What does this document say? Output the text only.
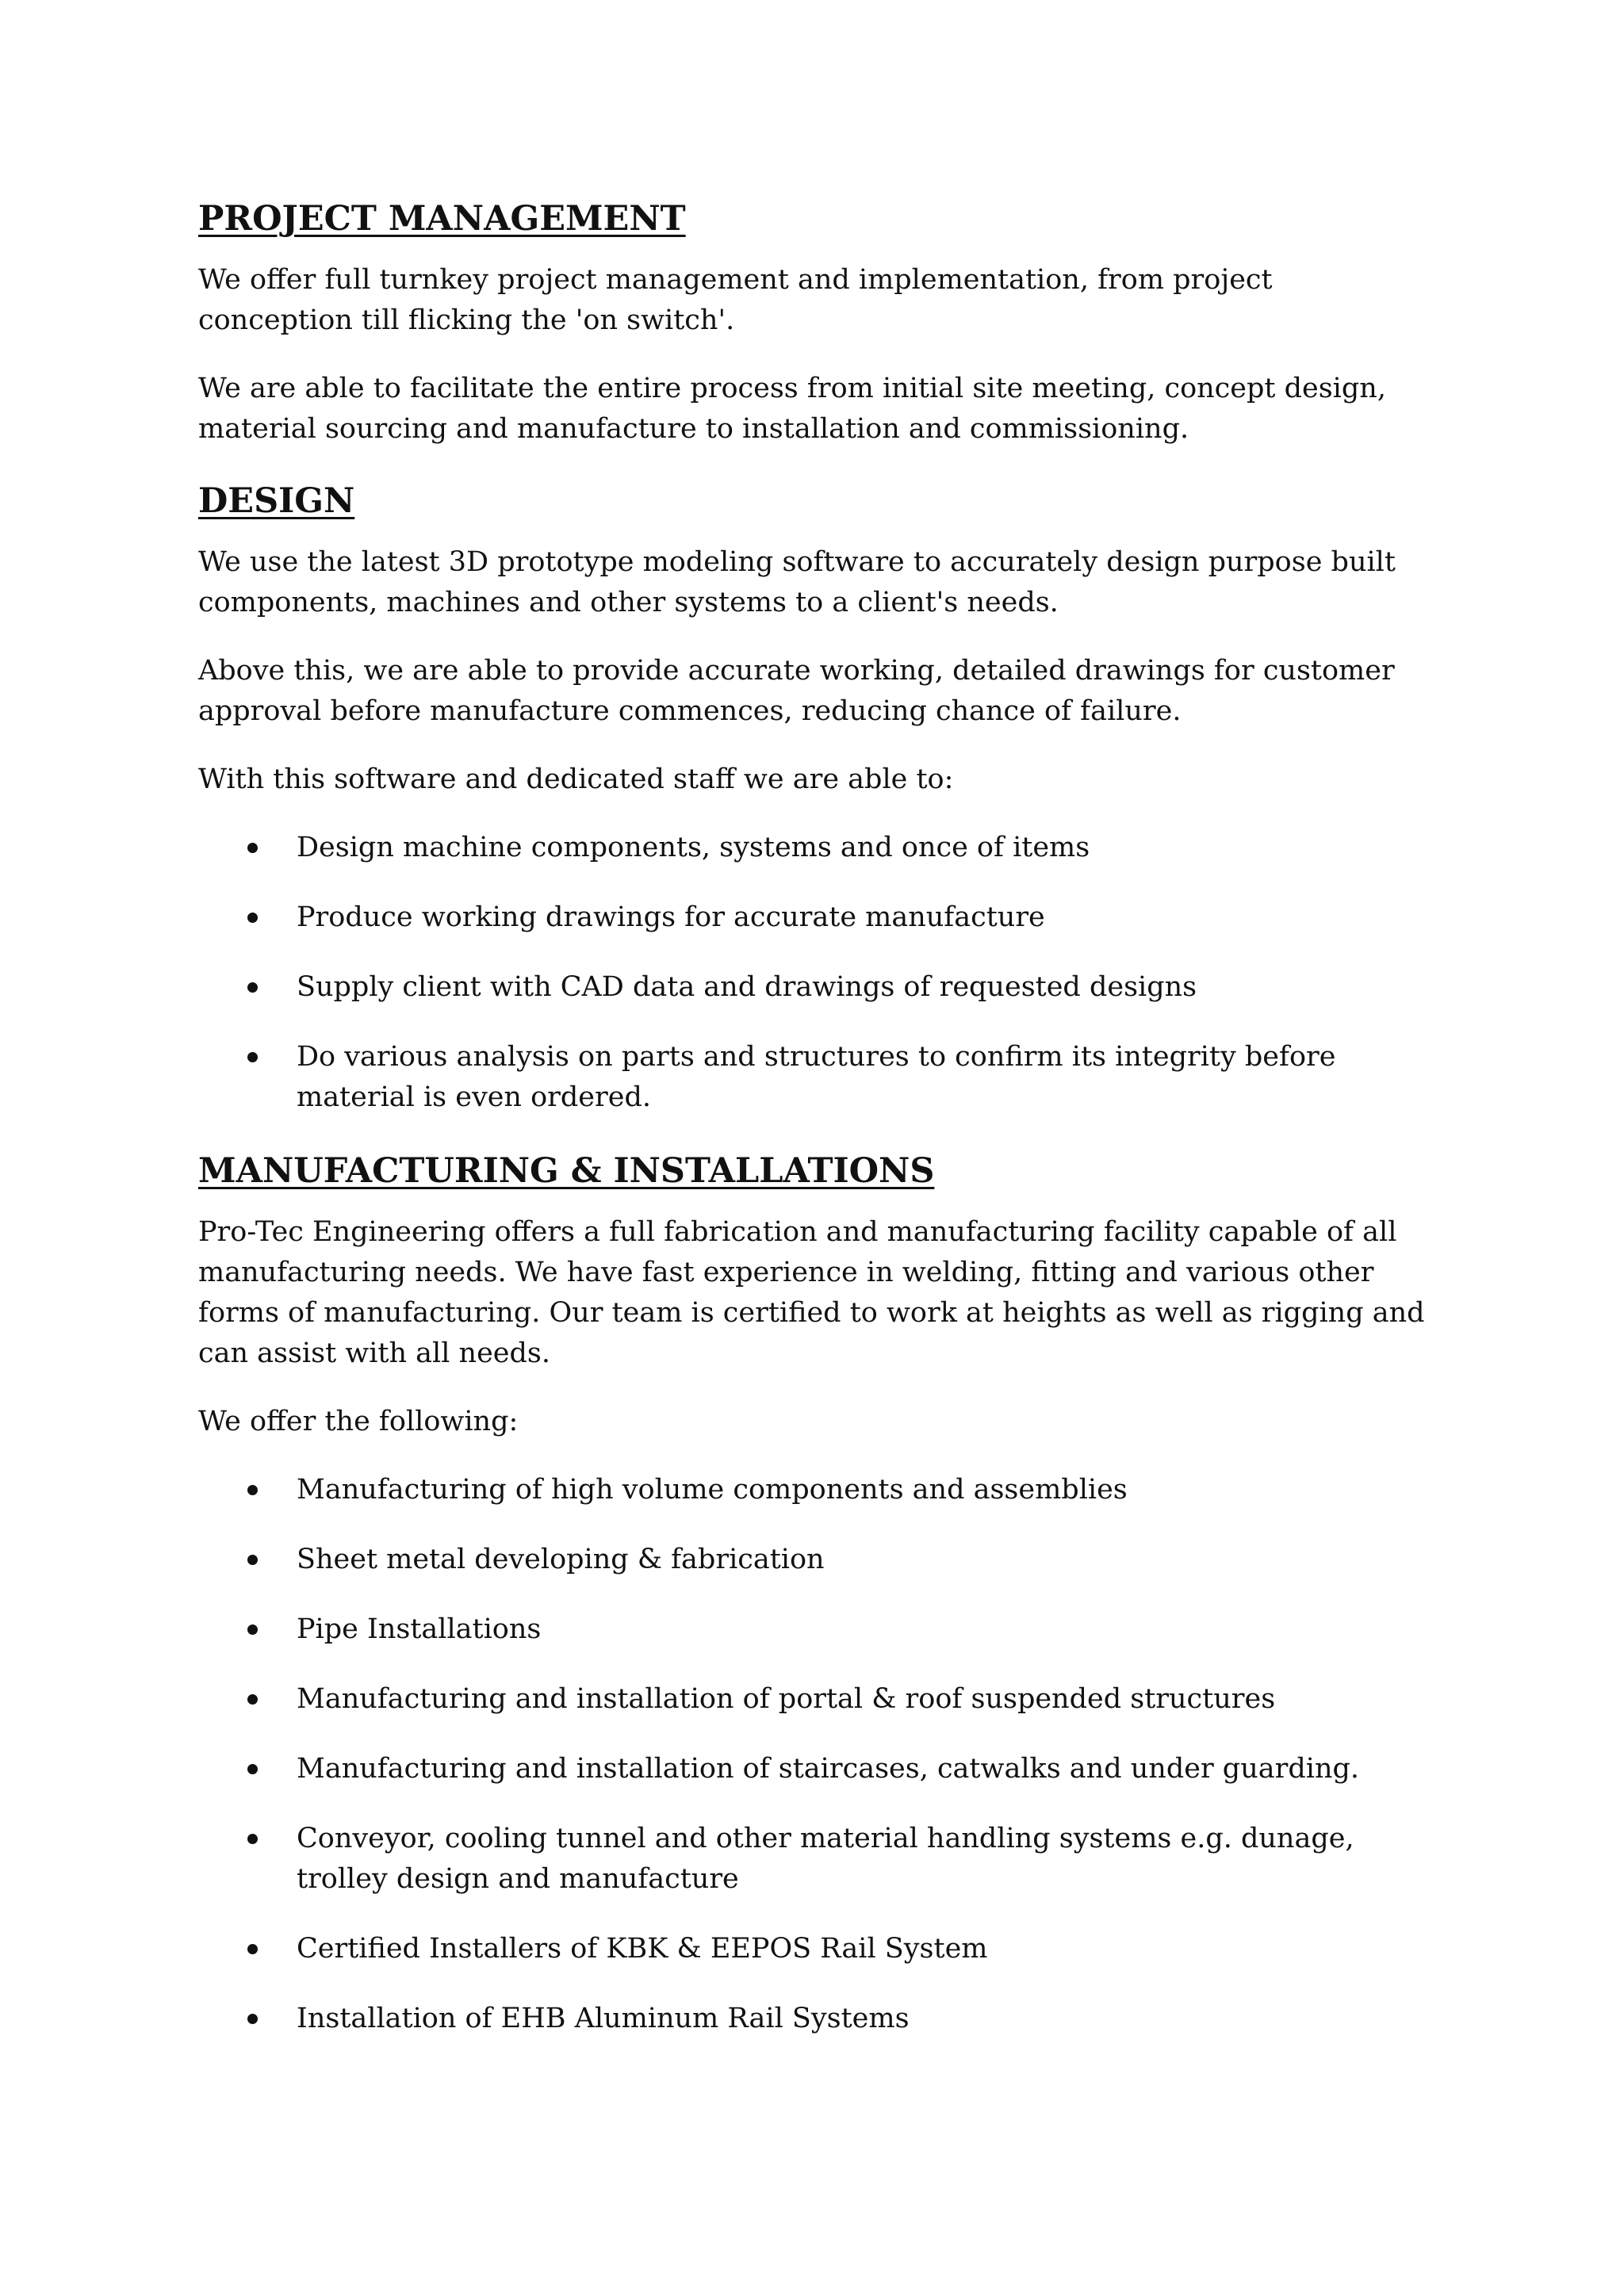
PROJECT MANAGEMENT

We offer full turnkey project management and implementation, from project conception till flicking the 'on switch'.

We are able to facilitate the entire process from initial site meeting, concept design, material sourcing and manufacture to installation and commissioning.

DESIGN

We use the latest 3D prototype modeling software to accurately design purpose built components, machines and other systems to a client's needs.

Above this, we are able to provide accurate working, detailed drawings for customer approval before manufacture commences, reducing chance of failure.

With this software and dedicated staff we are able to:

Design machine components, systems and once of items
Produce working drawings for accurate manufacture
Supply client with CAD data and drawings of requested designs
Do various analysis on parts and structures to confirm its integrity before material is even ordered.
MANUFACTURING & INSTALLATIONS

Pro-Tec Engineering offers a full fabrication and manufacturing facility capable of all manufacturing needs. We have fast experience in welding, fitting and various other forms of manufacturing. Our team is certified to work at heights as well as rigging and can assist with all needs.

We offer the following:

Manufacturing of high volume components and assemblies
Sheet metal developing & fabrication
Pipe Installations
Manufacturing and installation of portal & roof suspended structures
Manufacturing and installation of staircases, catwalks and under guarding.
Conveyor, cooling tunnel and other material handling systems e.g. dunage, trolley design and manufacture
Certified Installers of KBK & EEPOS Rail System
Installation of EHB Aluminum Rail Systems
